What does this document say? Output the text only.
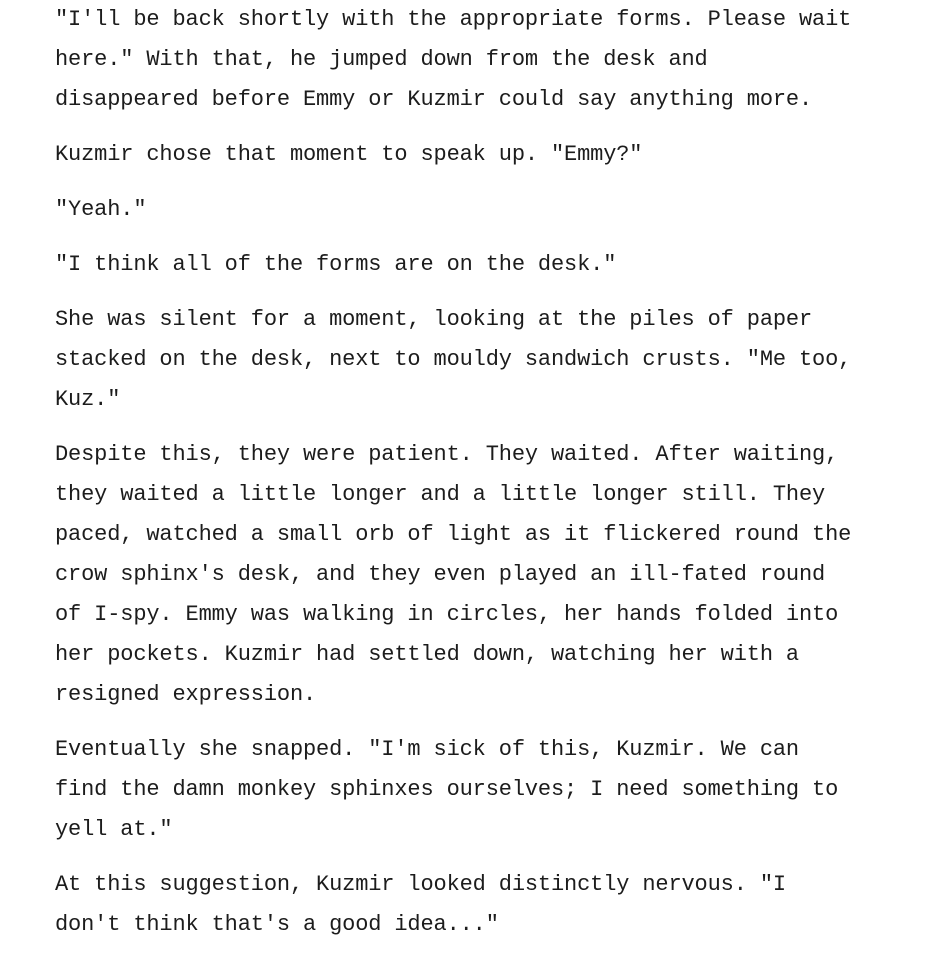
"I'll be back shortly with the appropriate forms. Please wait
here." With that, he jumped down from the desk and
disappeared before Emmy or Kuzmir could say anything more.

Kuzmir chose that moment to speak up. "Emmy?"

"Yeah."

"I think all of the forms are on the desk."

She was silent for a moment, looking at the piles of paper
stacked on the desk, next to mouldy sandwich crusts. "Me too,
Kuz."

Despite this, they were patient. They waited. After waiting,
they waited a little longer and a little longer still. They
paced, watched a small orb of light as it flickered round the
crow sphinx's desk, and they even played an ill-fated round
of I-spy. Emmy was walking in circles, her hands folded into
her pockets. Kuzmir had settled down, watching her with a
resigned expression.

Eventually she snapped. "I'm sick of this, Kuzmir. We can
find the damn monkey sphinxes ourselves; I need something to
yell at."

At this suggestion, Kuzmir looked distinctly nervous. "I
don't think that's a good idea..."
